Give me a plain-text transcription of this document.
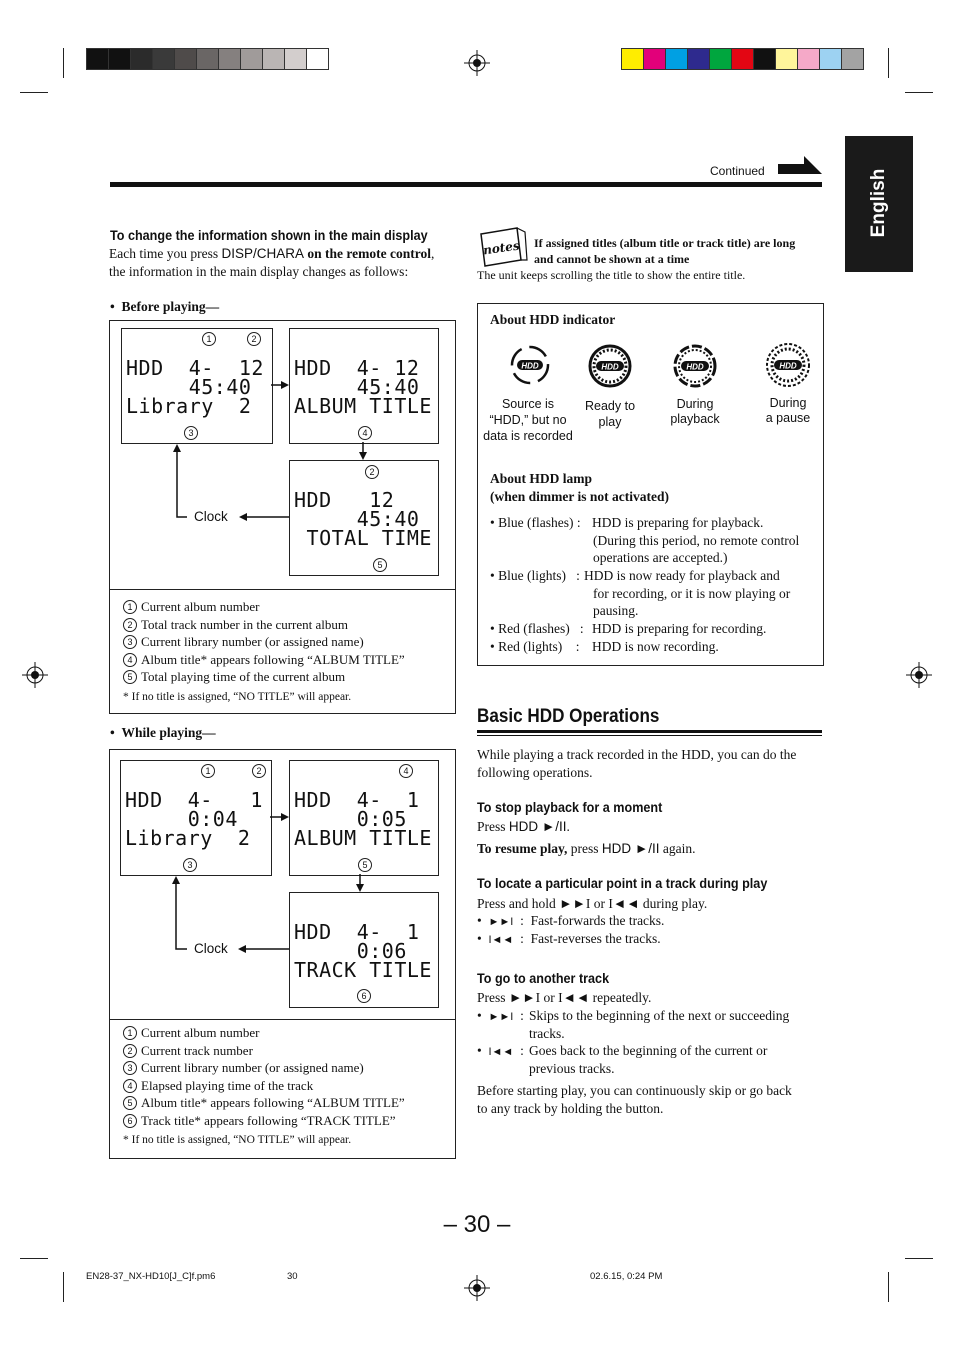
English
Continued
To change the information shown in the main display
Each time you press DISP/CHARA on the remote control,
the information in the main display changes as follows:
•  Before playing—
HDD  4-  12
45:40
Library  2
1	2
3
HDD  4- 12
45:40
ALBUM TITLE
4
HDD   12
45:40
TOTAL TIME
2
5
Clock
1 Current album number
2 Total track number in the current album
3 Current library number (or assigned name)
4 Album title* appears following “ALBUM TITLE”
5 Total playing time of the current album
* If no title is assigned, “NO TITLE” will appear.
•  While playing—
HDD  4-   1
0:04
Library  2
1	2
3
HDD  4-  1
0:05
ALBUM TITLE
4
5
HDD  4-  1
0:06
TRACK TITLE
6
Clock
1 Current album number
2 Current track number
3 Current library number (or assigned name)
4 Elapsed playing time of the track
5 Album title* appears following “ALBUM TITLE”
6 Track title* appears following “TRACK TITLE”
* If no title is assigned, “NO TITLE” will appear.
notes If assigned titles (album title or track title) are long
and cannot be shown at a time
The unit keeps scrolling the title to show the entire title.
About HDD indicator
HDD	HDD	HDD	HDD
Source is
“HDD,” but no
data is recorded
Ready to
play
During
playback
During
a pause
About HDD lamp
(when dimmer is not activated)
• Blue (flashes) : HDD is preparing for playback.
(During this period, no remote control
operations are accepted.)
• Blue (lights)   : HDD is now ready for playback and
for recording, or it is now playing or
pausing.
• Red (flashes)   : HDD is preparing for recording.
• Red (lights)    : HDD is now recording.
Basic HDD Operations
While playing a track recorded in the HDD, you can do the
following operations.
To stop playback for a moment
Press HDD ►/II.
To resume play, press HDD ►/II again.
To locate a particular point in a track during play
Press and hold ►►I or I◄◄ during play.
•  ►►I  :  Fast-forwards the tracks.
•  I◄◄  :  Fast-reverses the tracks.
To go to another track
Press ►►I or I◄◄ repeatedly.
•  ►►I  : Skips to the beginning of the next or succeeding
tracks.
•  I◄◄  : Goes back to the beginning of the current or
previous tracks.
Before starting play, you can continuously skip or go back
to any track by holding the button.
– 30 –
EN28-37_NX-HD10[J_C]f.pm6	30	02.6.15, 0:24 PM
